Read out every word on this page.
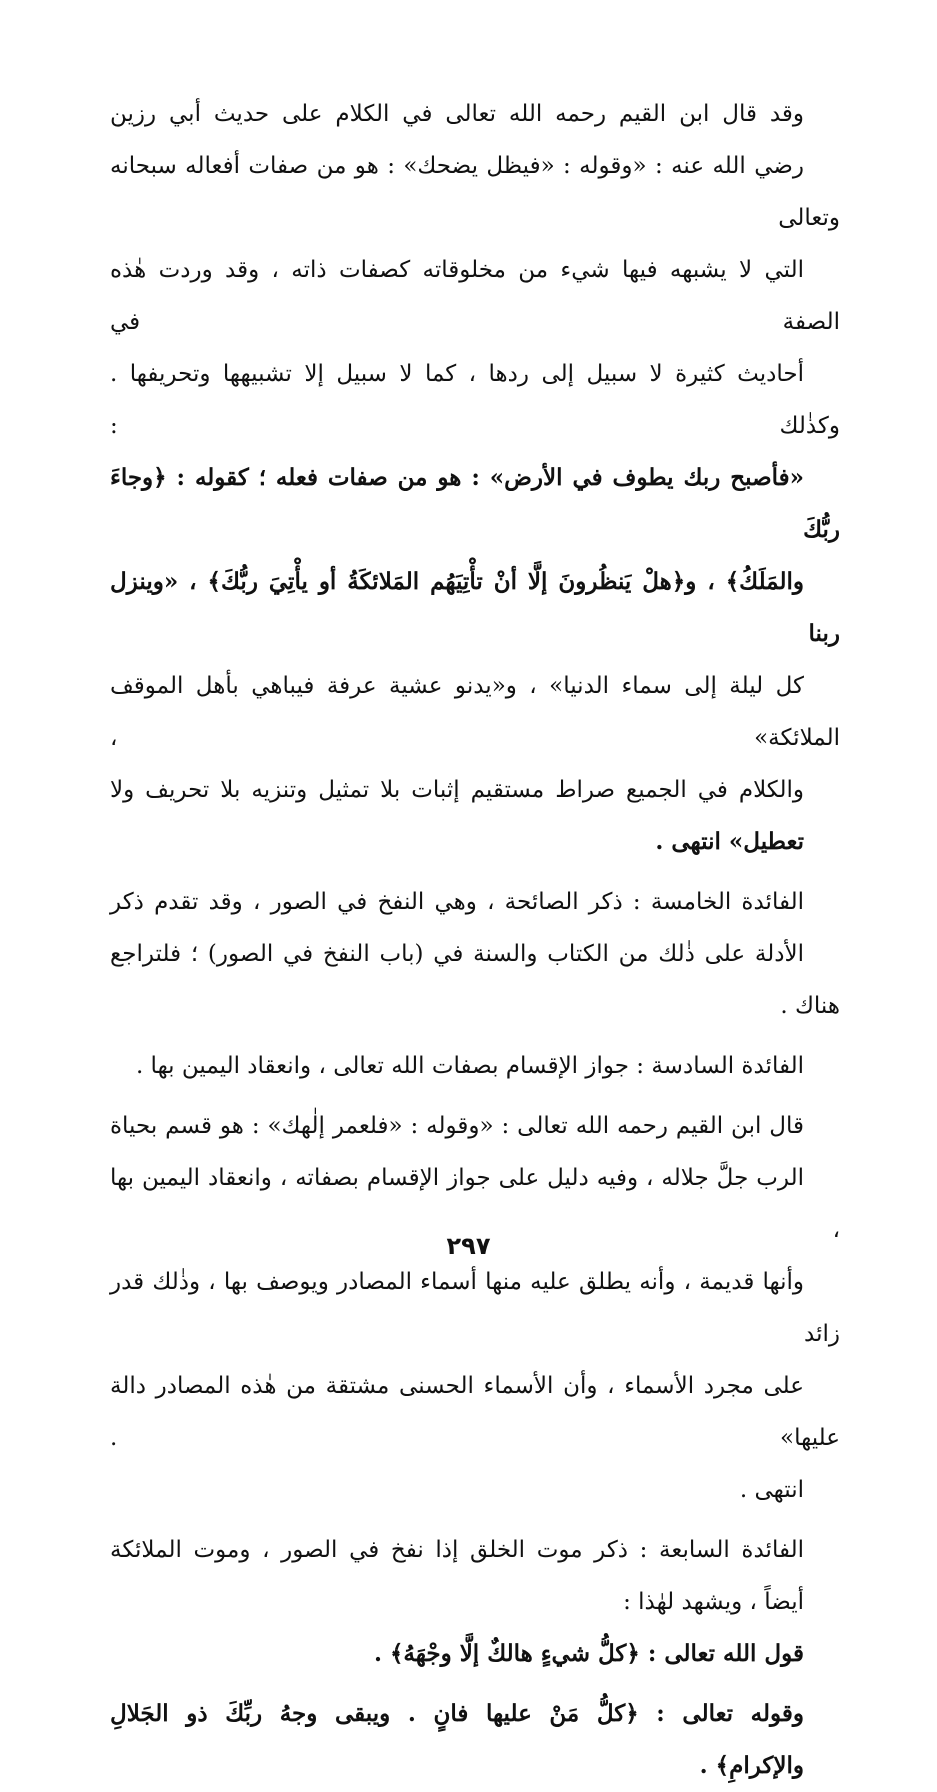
وقد قال ابن القيم رحمه الله تعالى في الكلام على حديث أبي رزين
رضي الله عنه : «وقوله : «فيظل يضحك» : هو من صفات أفعاله سبحانه وتعالى
التي لا يشبهه فيها شيء من مخلوقاته كصفات ذاته ، وقد وردت هٰذه الصفة في
أحاديث كثيرة لا سبيل إلى ردها ، كما لا سبيل إلا تشبيهها وتحريفها . وكذٰلك :
«فأصبح ربك يطوف في الأرض» : هو من صفات فعله ؛ كقوله : ﴿وجاءَ ربُّكَ
والمَلَكُ﴾ ، و﴿هلْ يَنظُرونَ إلَّا أنْ تأْتِيَهُم المَلائكَةُ أو يأْتِيَ ربُّكَ﴾ ، «وينزل ربنا
كل ليلة إلى سماء الدنيا» ، و«يدنو عشية عرفة فيباهي بأهل الموقف الملائكة» ،
والكلام في الجميع صراط مستقيم إثبات بلا تمثيل وتنزيه بلا تحريف ولا
تعطيل» انتهى .

الفائدة الخامسة : ذكر الصائحة ، وهي النفخ في الصور ، وقد تقدم ذكر
الأدلة على ذٰلك من الكتاب والسنة في (باب النفخ في الصور) ؛ فلتراجع هناك .

الفائدة السادسة : جواز الإقسام بصفات الله تعالى ، وانعقاد اليمين بها .

قال ابن القيم رحمه الله تعالى : «وقوله : «فلعمر إلٰهك» : هو قسم بحياة
الرب جلَّ جلاله ، وفيه دليل على جواز الإقسام بصفاته ، وانعقاد اليمين بها ،
وأنها قديمة ، وأنه يطلق عليه منها أسماء المصادر ويوصف بها ، وذٰلك قدر زائد
على مجرد الأسماء ، وأن الأسماء الحسنى مشتقة من هٰذه المصادر دالة عليها» .
انتهى .

الفائدة السابعة : ذكر موت الخلق إذا نفخ في الصور ، وموت الملائكة
أيضاً ، ويشهد لهٰذا :

قول الله تعالى : ﴿كلُّ شيءٍ هالكٌ إلَّا وجْهَهُ﴾ .

وقوله تعالى : ﴿كلُّ مَنْ عليها فانٍ . ويبقى وجهُ ربِّكَ ذو الجَلالِ
والإكرامِ﴾ .

٢٩٧
